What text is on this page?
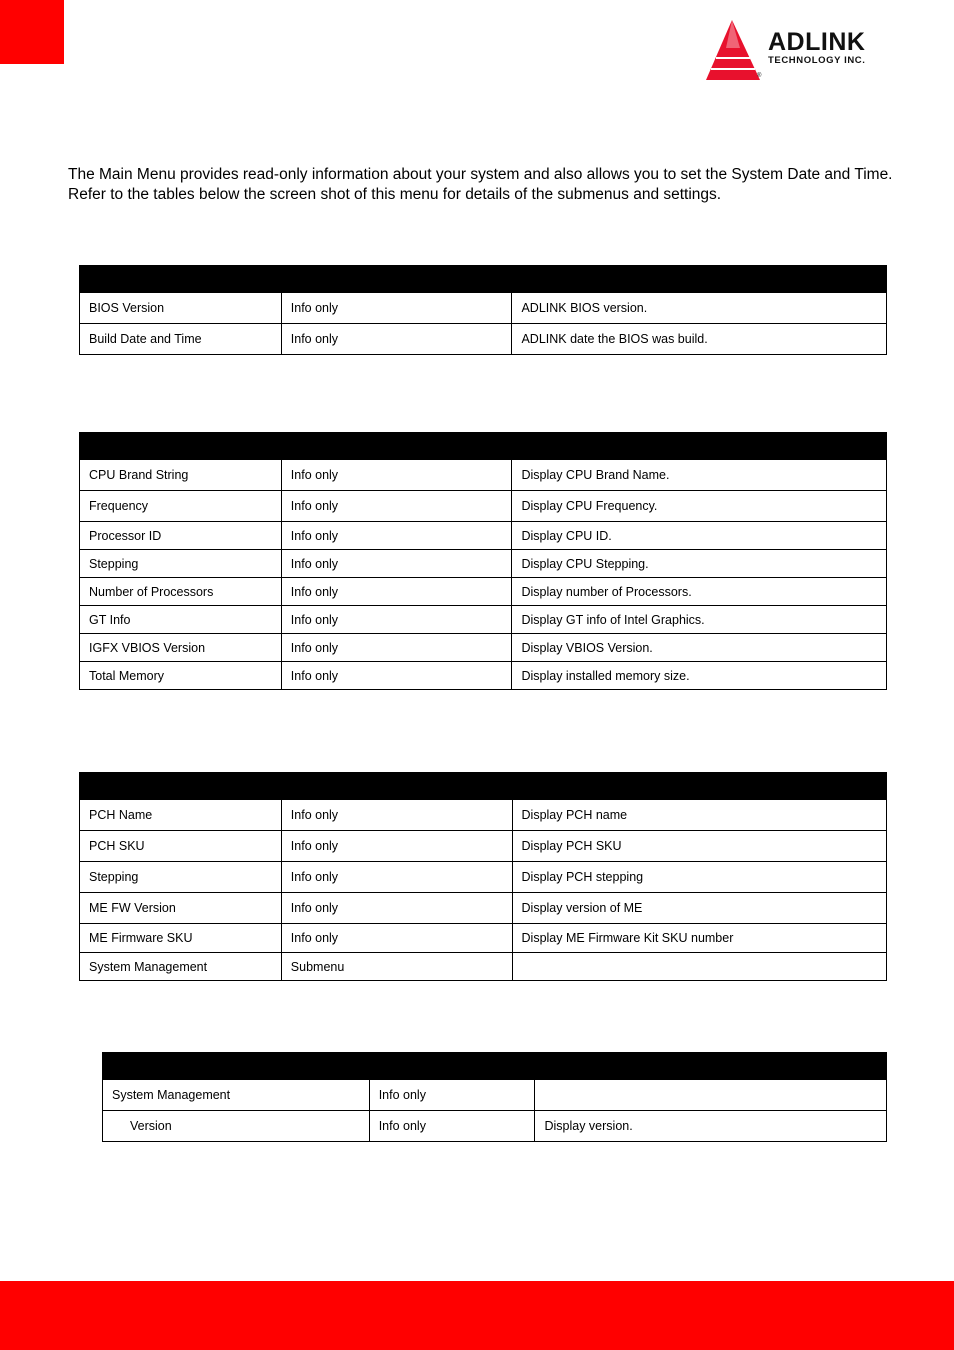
ADLINK
TECHNOLOGY INC.
®
The Main Menu provides read-only information about your system and also allows you to set the System Date and Time. Refer to the tables below the screen shot of this menu for details of the submenus and settings.

BIOS Version	Info only	ADLINK BIOS version.
Build Date and Time	Info only	ADLINK date the BIOS was build.

CPU Brand String	Info only	Display CPU Brand Name.
Frequency	Info only	Display CPU Frequency.
Processor ID	Info only	Display CPU ID.
Stepping	Info only	Display CPU Stepping.
Number of Processors	Info only	Display number of Processors.
GT Info	Info only	Display GT info of Intel Graphics.
IGFX VBIOS Version	Info only	Display VBIOS Version.
Total Memory	Info only	Display installed memory size.

PCH Name	Info only	Display PCH name
PCH SKU	Info only	Display PCH SKU
Stepping	Info only	Display PCH stepping
ME FW Version	Info only	Display version of ME
ME Firmware SKU	Info only	Display ME Firmware Kit SKU number
System Management	Submenu	

System Management	Info only	
Version	Info only	Display version.
